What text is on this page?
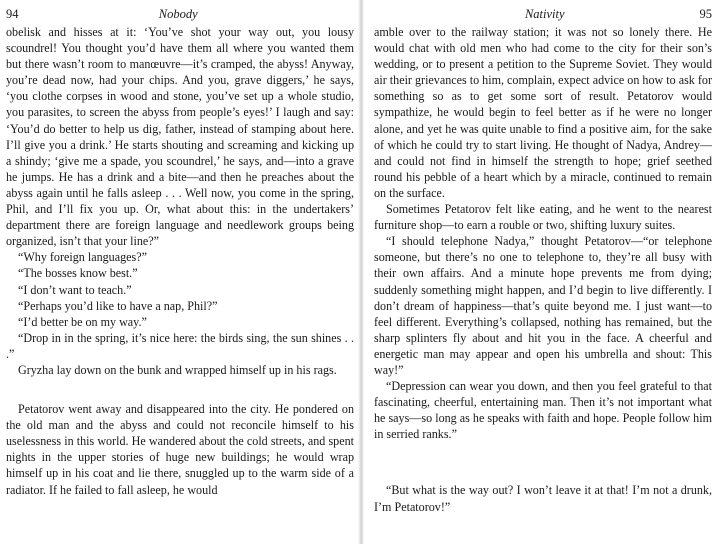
94	Nobody

obelisk and hisses at it: ‘You’ve shot your way out, you lousy scoundrel! You thought you’d have them all where you wanted them but there wasn’t room to manœuvre—it’s cramped, the abyss! Anyway, you’re dead now, had your chips. And you, grave diggers,’ he says, ‘you clothe corpses in wood and stone, you’ve set up a whole studio, you parasites, to screen the abyss from people’s eyes!’ I laugh and say: ‘You’d do better to help us dig, father, instead of stamping about here. I’ll give you a drink.’ He starts shouting and screaming and kicking up a shindy; ‘give me a spade, you scoundrel,’ he says, and—into a grave he jumps. He has a drink and a bite—and then he preaches about the abyss again until he falls asleep . . . Well now, you come in the spring, Phil, and I’ll fix you up. Or, what about this: in the undertakers’ department there are foreign language and needlework groups being organized, isn’t that your line?”

“Why foreign languages?”

“The bosses know best.”

“I don’t want to teach.”

“Perhaps you’d like to have a nap, Phil?”

“I’d better be on my way.”

“Drop in in the spring, it’s nice here: the birds sing, the sun shines . . .”

Gryzha lay down on the bunk and wrapped himself up in his rags.

Petatorov went away and disappeared into the city. He pondered on the old man and the abyss and could not reconcile himself to his uselessness in this world. He wandered about the cold streets, and spent nights in the upper stories of huge new buildings; he would wrap himself up in his coat and lie there, snuggled up to the warm side of a radiator. If he failed to fall asleep, he would

Nativity	95

amble over to the railway station; it was not so lonely there. He would chat with old men who had come to the city for their son’s wedding, or to present a petition to the Supreme Soviet. They would air their grievances to him, complain, expect advice on how to ask for something so as to get some sort of result. Petatorov would sympathize, he would begin to feel better as if he were no longer alone, and yet he was quite unable to find a positive aim, for the sake of which he could try to start living. He thought of Nadya, Andrey—and could not find in himself the strength to hope; grief seethed round his pebble of a heart which by a miracle, continued to remain on the surface.

Sometimes Petatorov felt like eating, and he went to the nearest furniture shop—to earn a rouble or two, shifting luxury suites.

“I should telephone Nadya,” thought Petatorov—“or telephone someone, but there’s no one to telephone to, they’re all busy with their own affairs. And a minute hope prevents me from dying; suddenly something might happen, and I’d begin to live differently. I don’t dream of happiness—that’s quite beyond me. I just want—to feel different. Everything’s collapsed, nothing has remained, but the sharp splinters fly about and hit you in the face. A cheerful and energetic man may appear and open his umbrella and shout: This way!”

“Depression can wear you down, and then you feel grateful to that fascinating, cheerful, entertaining man. Then it’s not important what he says—so long as he speaks with faith and hope. People follow him in serried ranks.”

“But what is the way out? I won’t leave it at that! I’m not a drunk, I’m Petatorov!”
